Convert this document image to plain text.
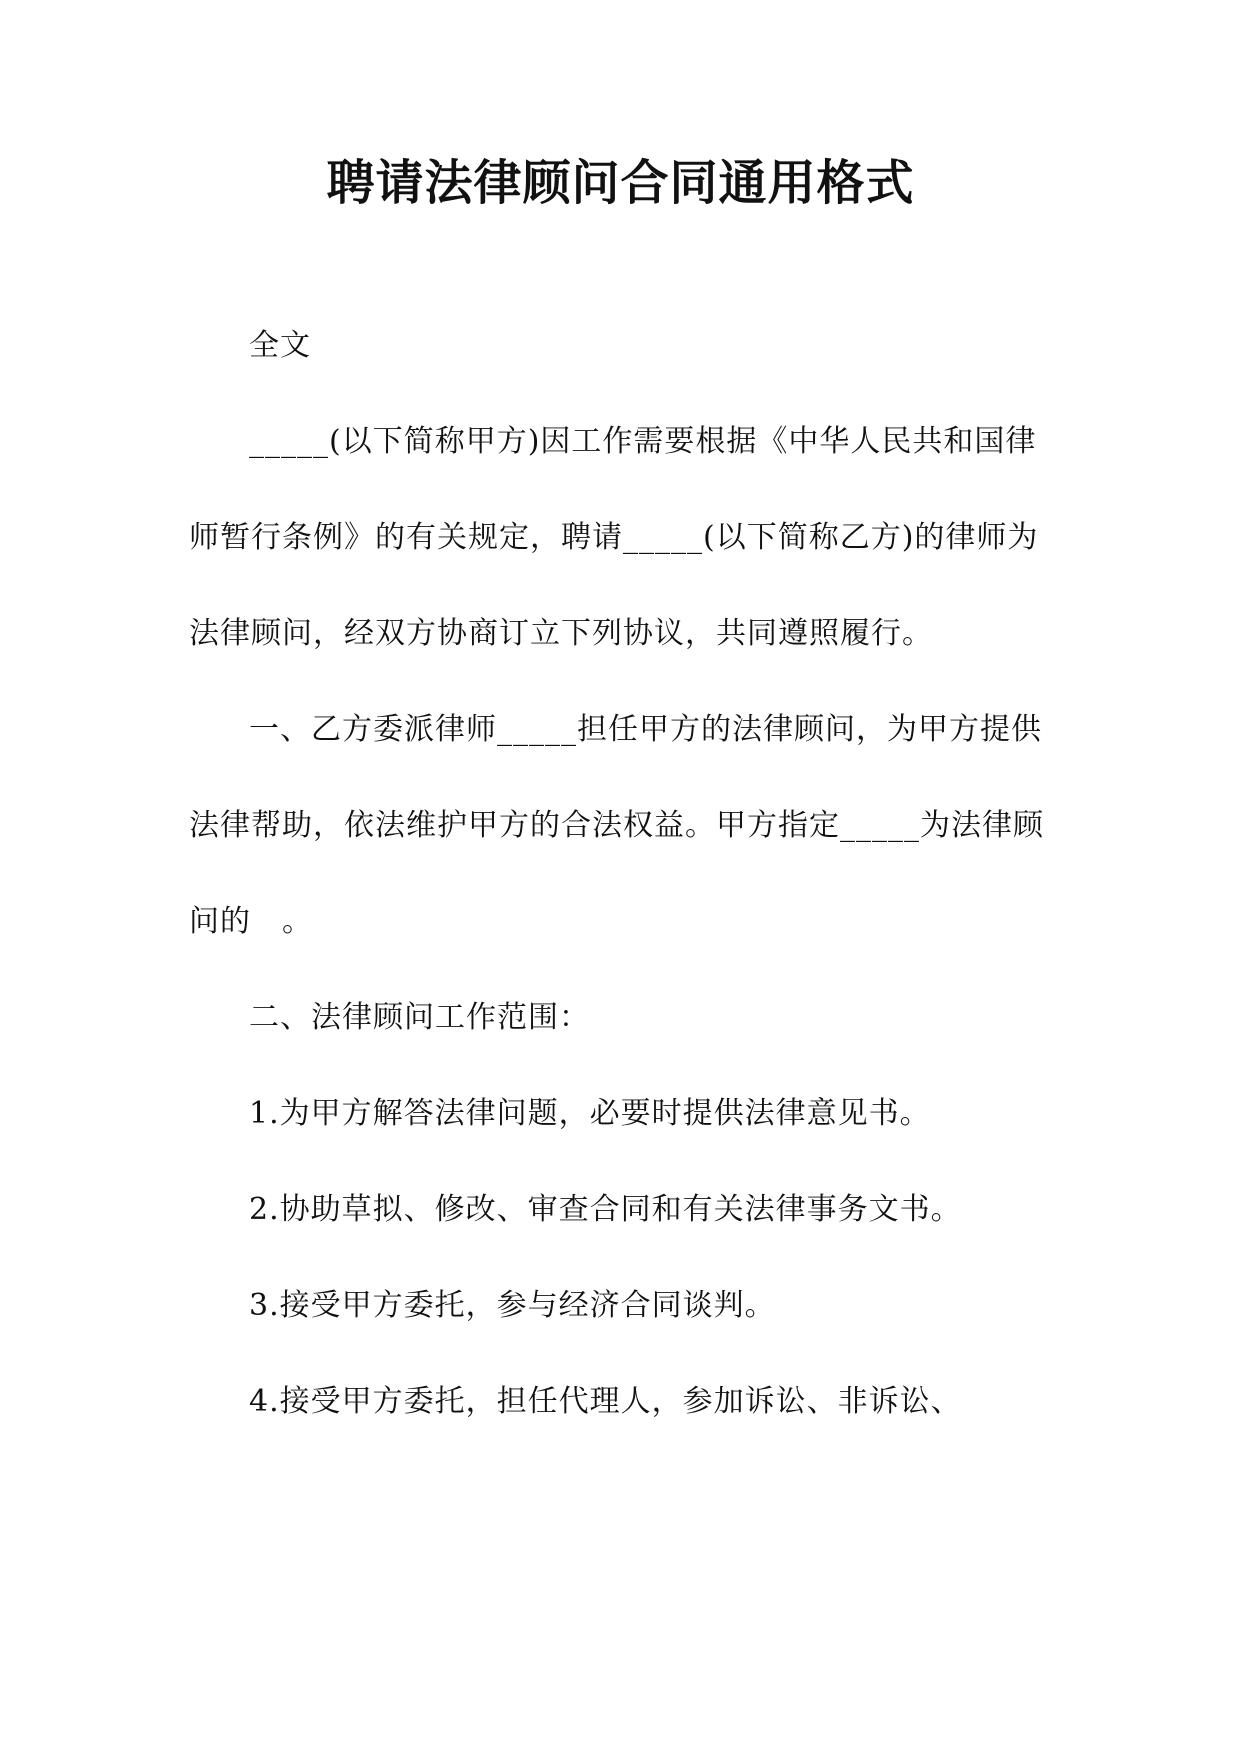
聘请法律顾问合同通用格式

全文

_____(以下简称甲方)因工作需要根据《中华人民共和国律师暂行条例》的有关规定，聘请_____(以下简称乙方)的律师为法律顾问，经双方协商订立下列协议，共同遵照履行。

一、乙方委派律师_____担任甲方的法律顾问，为甲方提供法律帮助，依法维护甲方的合法权益。甲方指定_____为法律顾问的　。

二、法律顾问工作范围：

1.为甲方解答法律问题，必要时提供法律意见书。

2.协助草拟、修改、审查合同和有关法律事务文书。

3.接受甲方委托，参与经济合同谈判。

4.接受甲方委托，担任代理人，参加诉讼、非诉讼、
